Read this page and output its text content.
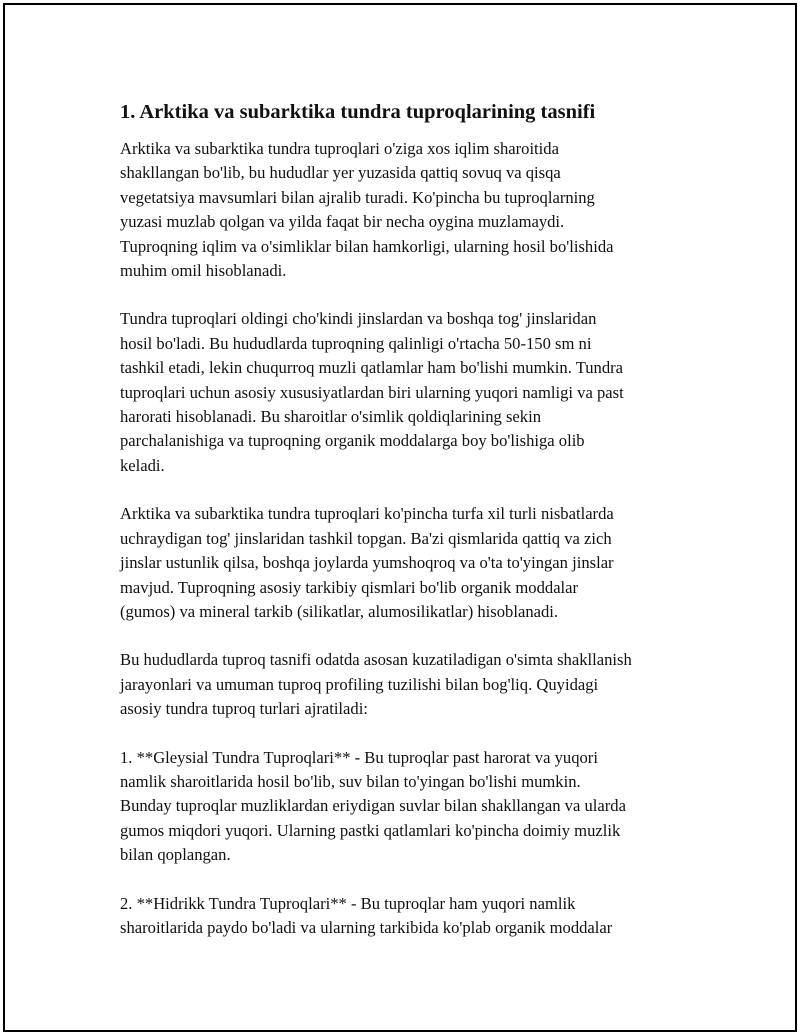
1. Arktika va subarktika tundra tuproqlarining tasnifi

Arktika va subarktika tundra tuproqlari o'ziga xos iqlim sharoitida
shakllangan bo'lib, bu hududlar yer yuzasida qattiq sovuq va qisqa
vegetatsiya mavsumlari bilan ajralib turadi. Ko'pincha bu tuproqlarning
yuzasi muzlab qolgan va yilda faqat bir necha oygina muzlamaydi.
Tuproqning iqlim va o'simliklar bilan hamkorligi, ularning hosil bo'lishida
muhim omil hisoblanadi.

Tundra tuproqlari oldingi cho'kindi jinslardan va boshqa tog' jinslaridan
hosil bo'ladi. Bu hududlarda tuproqning qalinligi o'rtacha 50-150 sm ni
tashkil etadi, lekin chuqurroq muzli qatlamlar ham bo'lishi mumkin. Tundra
tuproqlari uchun asosiy xususiyatlardan biri ularning yuqori namligi va past
harorati hisoblanadi. Bu sharoitlar o'simlik qoldiqlarining sekin
parchalanishiga va tuproqning organik moddalarga boy bo'lishiga olib
keladi.

Arktika va subarktika tundra tuproqlari ko'pincha turfa xil turli nisbatlarda
uchraydigan tog' jinslaridan tashkil topgan. Ba'zi qismlarida qattiq va zich
jinslar ustunlik qilsa, boshqa joylarda yumshoqroq va o'ta to'yingan jinslar
mavjud. Tuproqning asosiy tarkibiy qismlari bo'lib organik moddalar
(gumos) va mineral tarkib (silikatlar, alumosilikatlar) hisoblanadi.

Bu hududlarda tuproq tasnifi odatda asosan kuzatiladigan o'simta shakllanish
jarayonlari va umuman tuproq profiling tuzilishi bilan bog'liq. Quyidagi
asosiy tundra tuproq turlari ajratiladi:

1. **Gleysial Tundra Tuproqlari** - Bu tuproqlar past harorat va yuqori
namlik sharoitlarida hosil bo'lib, suv bilan to'yingan bo'lishi mumkin.
Bunday tuproqlar muzliklardan eriydigan suvlar bilan shakllangan va ularda
gumos miqdori yuqori. Ularning pastki qatlamlari ko'pincha doimiy muzlik
bilan qoplangan.

2. **Hidrikk Tundra Tuproqlari** - Bu tuproqlar ham yuqori namlik
sharoitlarida paydo bo'ladi va ularning tarkibida ko'plab organik moddalar
